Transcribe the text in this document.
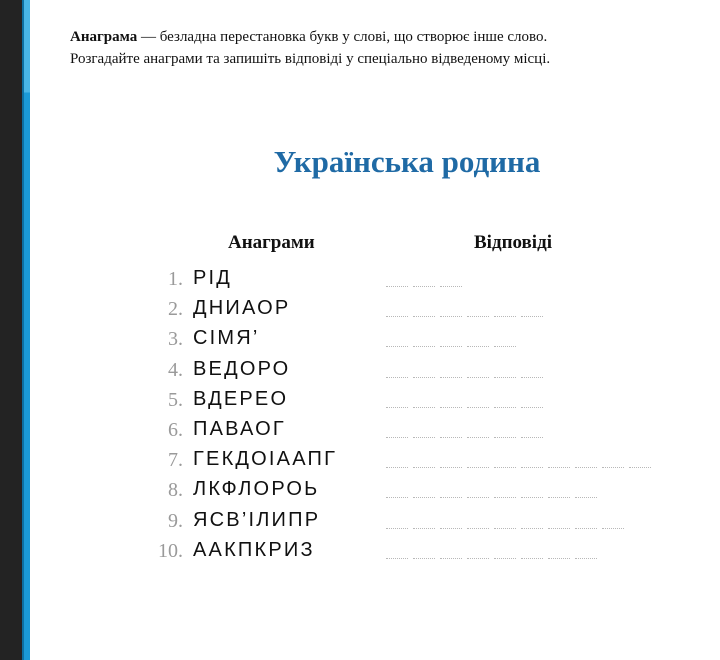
Анаграма — безладна перестановка букв у слові, що створює інше слово.
Розгадайте анаграми та запишіть відповіді у спеціально відведеному місці.
Українська родина
Анаграми	Відповіді
1. РІД
2. ДНИАОР
3. СІМЯ’
4. ВЕДОРО
5. ВДЕРЕО
6. ПАВАОГ
7. ГЕКДОІААПГ
8. ЛКФЛОРОЬ
9. ЯСВ’ІЛИПР
10. ААКПКРИЗ
